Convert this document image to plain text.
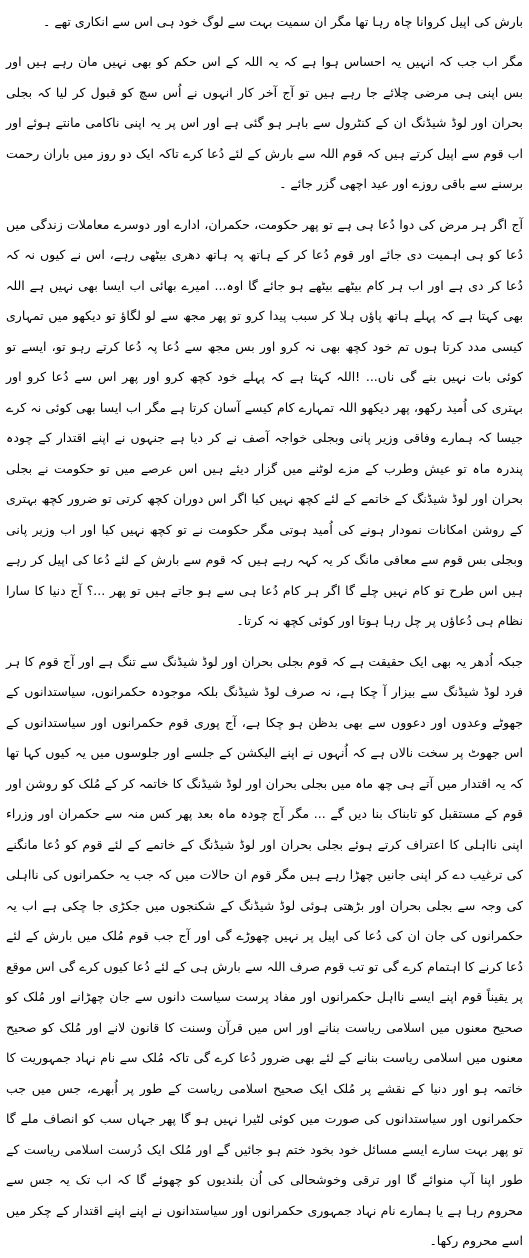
بارش کی اپیل کروانا چاہ رہا تھا مگر ان سمیت بہت سے لوگ خود ہی اس سے انکاری تھے ۔

مگر اب جب کہ انہیں یہ احساس ہوا ہے کہ یہ اللہ کے اس حکم کو بھی نہیں مان رہے ہیں اور بس اپنی ہی مرضی چلائے جا رہے ہیں تو آج آخر کار انہوں نے اُس سچ کو قبول کر لیا کہ بجلی بحران اور لوڈ شیڈنگ ان کے کنٹرول سے باہر ہو گئی ہے اور اس پر یہ اپنی ناکامی مانتے ہوئے اور اب قوم سے اپیل کرتے ہیں کہ قوم اللہ سے بارش کے لئے دُعا کرے تاکہ ایک دو روز میں باران رحمت برسنے سے باقی روزے اور عید اچھی گزر جائے ۔

آج اگر ہر مرض کی دوا دُعا ہی ہے تو پھر حکومت، حکمران، ادارے اور دوسرے معاملات زندگی میں دُعا کو ہی اہمیت دی جائے اور قوم دُعا کر کے ہاتھ پہ ہاتھ دھری بیٹھی رہے، اس نے کیوں نہ کہ دُعا کر دی ہے اور اب ہر کام بیٹھے بیٹھے ہو جائے گا اوہ... امیرے بھائی اب ایسا بھی نہیں ہے اللہ بھی کہتا ہے کہ پہلے ہاتھ پاؤں ہلا کر سبب پیدا کرو تو پھر مجھ سے لو لگاؤ تو دیکھو میں تمہاری کیسی مدد کرتا ہوں تم خود کچھ بھی نہ کرو اور بس مجھ سے دُعا پہ دُعا کرتے رہو تو، ایسے تو کوئی بات نہیں بنے گی ناں... !اللہ کہتا ہے کہ پہلے خود کچھ کرو اور پھر اس سے دُعا کرو اور بہتری کی اُمید رکھو، پھر دیکھو اللہ تمہارے کام کیسے آسان کرتا ہے مگر اب ایسا بھی کوئی نہ کرے جیسا کہ ہمارے وفاقی وزیر پانی وبجلی خواجہ آصف نے کر دیا ہے جنہوں نے اپنے اقتدار کے چودہ پندرہ ماہ تو عیش وطرب کے مزے لوٹنے میں گزار دیئے ہیں اس عرصے میں تو حکومت نے بجلی بحران اور لوڈ شیڈنگ کے خاتمے کے لئے کچھ نہیں کیا اگر اس دوران کچھ کرتی تو ضرور کچھ بہتری کے روشن امکانات نمودار ہونے کی اُمید ہوتی مگر حکومت نے تو کچھ نہیں کیا اور اب وزیر پانی وبجلی بس قوم سے معافی مانگ کر یہ کہہ رہے ہیں کہ قوم سے بارش کے لئے دُعا کی اپیل کر رہے ہیں اس طرح تو کام نہیں چلے گا اگر ہر کام دُعا ہی سے ہو جاتے ہیں تو پھر ...؟ آج دنیا کا سارا نظام ہی دُعاؤں پر چل رہا ہوتا اور کوئی کچھ نہ کرتا۔

جبکہ اُدھر یہ بھی ایک حقیقت ہے کہ قوم بجلی بحران اور لوڈ شیڈنگ سے تنگ ہے اور آج قوم کا ہر فرد لوڈ شیڈنگ سے بیزار آ چکا ہے، نہ صرف لوڈ شیڈنگ بلکہ موجودہ حکمرانوں، سیاستدانوں کے جھوٹے وعدوں اور دعووں سے بھی بدظن ہو چکا ہے، آج پوری قوم حکمرانوں اور سیاستدانوں کے اس جھوٹ پر سخت نالاں ہے کہ اُنہوں نے اپنے الیکشن کے جلسے اور جلوسوں میں یہ کیوں کہا تھا کہ یہ اقتدار میں آتے ہی چھ ماہ میں بجلی بحران اور لوڈ شیڈنگ کا خاتمہ کر کے مُلک کو روشن اور قوم کے مستقبل کو تابناک بنا دیں گے ... مگر آج چودہ ماہ بعد پھر کس منہ سے حکمران اور وزراء اپنی نااہلی کا اعتراف کرتے ہوئے بجلی بحران اور لوڈ شیڈنگ کے خاتمے کے لئے قوم کو دُعا مانگنے کی ترغیب دے کر اپنی جانیں چھڑا رہے ہیں مگر قوم ان حالات میں کہ جب یہ حکمرانوں کی نااہلی کی وجہ سے بجلی بحران اور بڑھتی ہوئی لوڈ شیڈنگ کے شکنجوں میں جکڑی جا چکی ہے اب یہ حکمرانوں کی جان ان کی دُعا کی اپیل پر نہیں چھوڑے گی اور آج جب قوم مُلک میں بارش کے لئے دُعا کرنے کا اہتمام کرے گی تو تب قوم صرف اللہ سے بارش ہی کے لئے دُعا کیوں کرے گی اس موقع پر یقیناً قوم اپنے ایسے نااہل حکمرانوں اور مفاد پرست سیاست دانوں سے جان چھڑانے اور مُلک کو صحیح معنوں میں اسلامی ریاست بنانے اور اس میں قرآن وسنت کا قانون لانے اور مُلک کو صحیح معنوں میں اسلامی ریاست بنانے کے لئے بھی ضرور دُعا کرے گی تاکہ مُلک سے نام نہاد جمہوریت کا خاتمہ ہو اور دنیا کے نقشے پر مُلک ایک صحیح اسلامی ریاست کے طور پر اُبھرے، جس میں جب حکمرانوں اور سیاستدانوں کی صورت میں کوئی لٹیرا نہیں ہو گا پھر جہاں سب کو انصاف ملے گا تو پھر بہت سارے ایسے مسائل خود بخود ختم ہو جائیں گے اور مُلک ایک دُرست اسلامی ریاست کے طور اپنا آپ منوائے گا اور ترقی وخوشحالی کی اُن بلندیوں کو چھوئے گا کہ اب تک یہ جس سے محروم رہا ہے یا ہمارے نام نہاد جمہوری حکمرانوں اور سیاستدانوں نے اپنے اپنے اقتدار کے چکر میں اسے محروم رکھا۔
